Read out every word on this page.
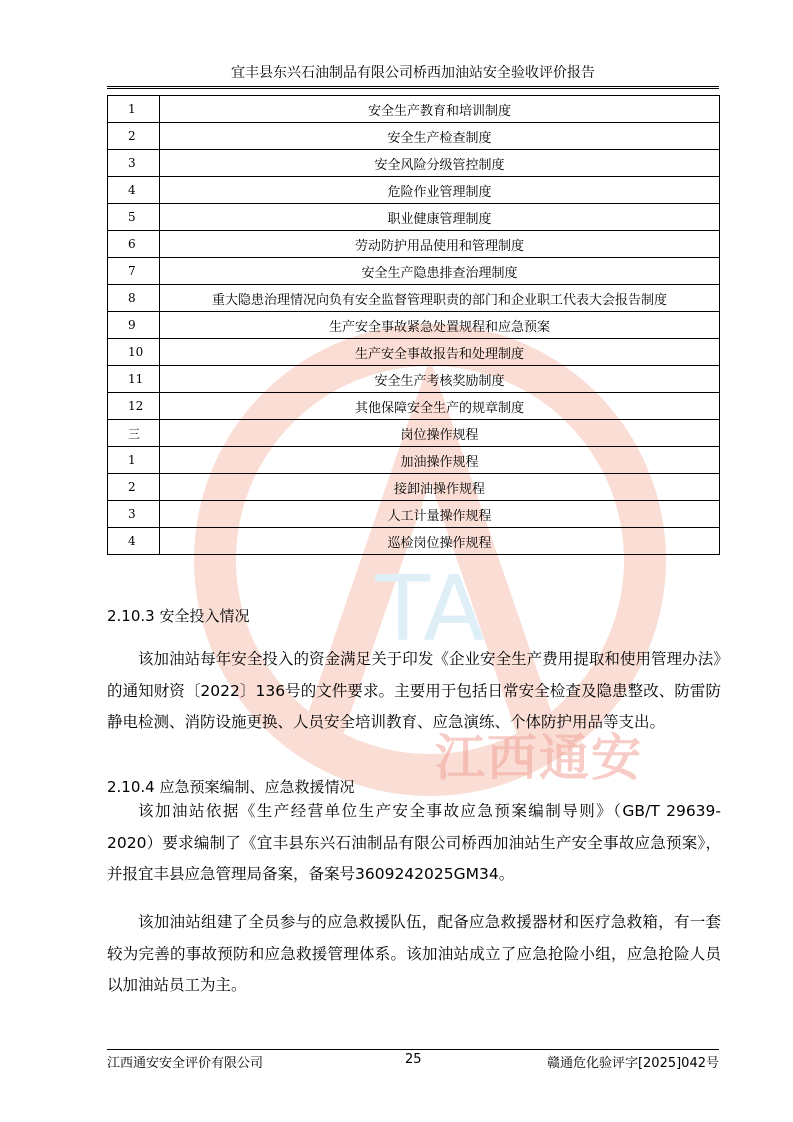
TA
江西通安
宜丰县东兴石油制品有限公司桥西加油站安全验收评价报告
1	安全生产教育和培训制度
2	安全生产检查制度
3	安全风险分级管控制度
4	危险作业管理制度
5	职业健康管理制度
6	劳动防护用品使用和管理制度
7	安全生产隐患排查治理制度
8	重大隐患治理情况向负有安全监督管理职责的部门和企业职工代表大会报告制度
9	生产安全事故紧急处置规程和应急预案
10	生产安全事故报告和处理制度
11	安全生产考核奖励制度
12	其他保障安全生产的规章制度
三	岗位操作规程
1	加油操作规程
2	接卸油操作规程
3	人工计量操作规程
4	巡检岗位操作规程
2.10.3 安全投入情况
该加油站每年安全投入的资金满足关于印发《企业安全生产费用提取和使用管理办法》的通知财资〔2022〕136号的文件要求。主要用于包括日常安全检查及隐患整改、防雷防静电检测、消防设施更换、人员安全培训教育、应急演练、个体防护用品等支出。
2.10.4 应急预案编制、应急救援情况
该加油站依据《生产经营单位生产安全事故应急预案编制导则》（GB/T 29639-2020）要求编制了《宜丰县东兴石油制品有限公司桥西加油站生产安全事故应急预案》，并报宜丰县应急管理局备案，备案号3609242025GM34。
该加油站组建了全员参与的应急救援队伍，配备应急救援器材和医疗急救箱，有一套较为完善的事故预防和应急救援管理体系。该加油站成立了应急抢险小组，应急抢险人员以加油站员工为主。
江西通安安全评价有限公司	25	赣通危化验评字[2025]042号
